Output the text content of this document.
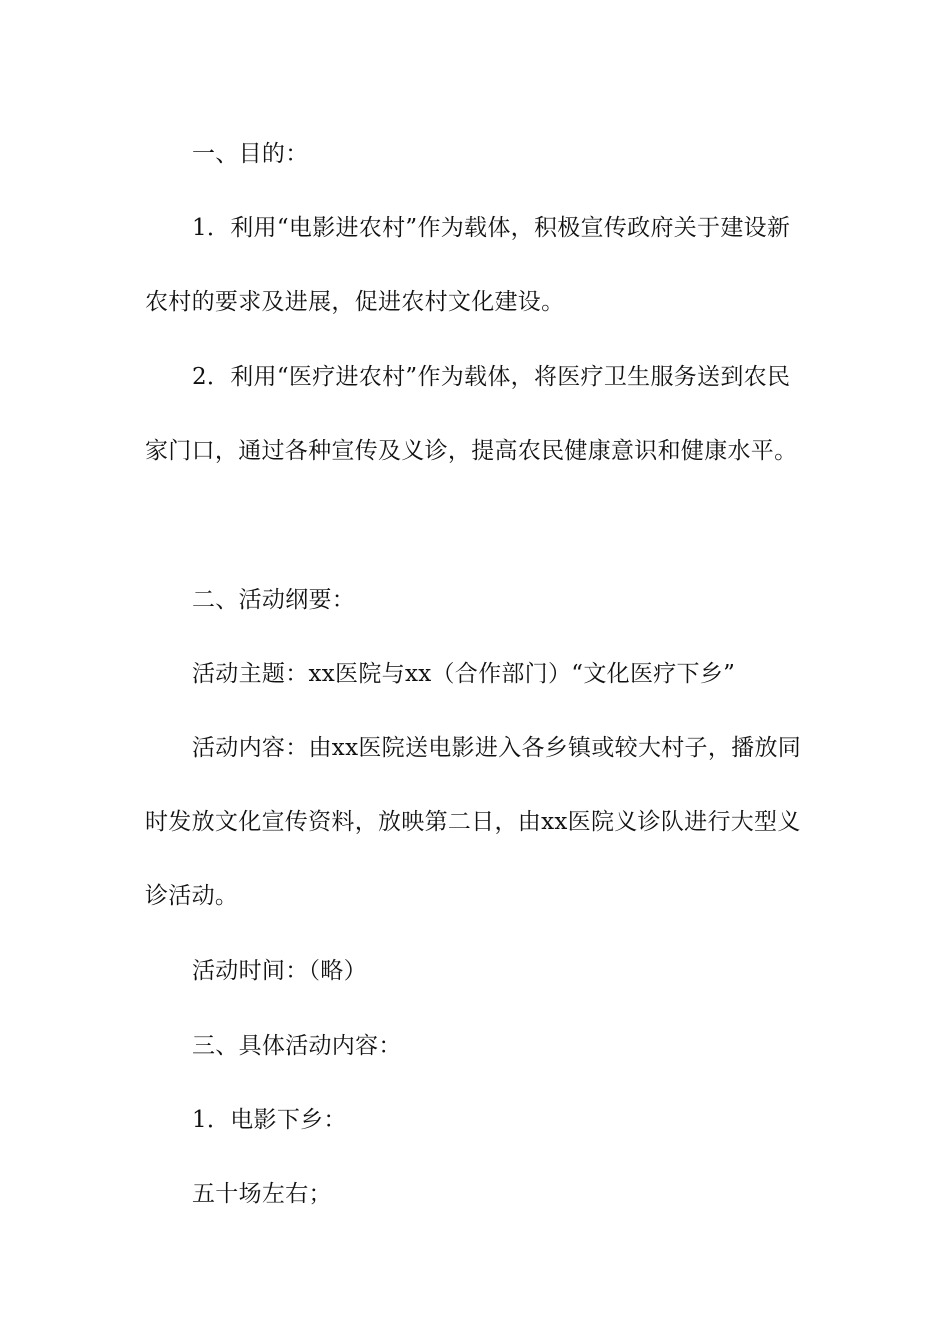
一、目的：

1．利用“电影进农村”作为载体，积极宣传政府关于建设新农村的要求及进展，促进农村文化建设。

2．利用“医疗进农村”作为载体，将医疗卫生服务送到农民家门口，通过各种宣传及义诊，提高农民健康意识和健康水平。

二、活动纲要：

活动主题：xx医院与xx（合作部门）“文化医疗下乡”

活动内容：由xx医院送电影进入各乡镇或较大村子，播放同时发放文化宣传资料，放映第二日，由xx医院义诊队进行大型义诊活动。

活动时间：（略）

三、具体活动内容：

1．电影下乡：

五十场左右；
